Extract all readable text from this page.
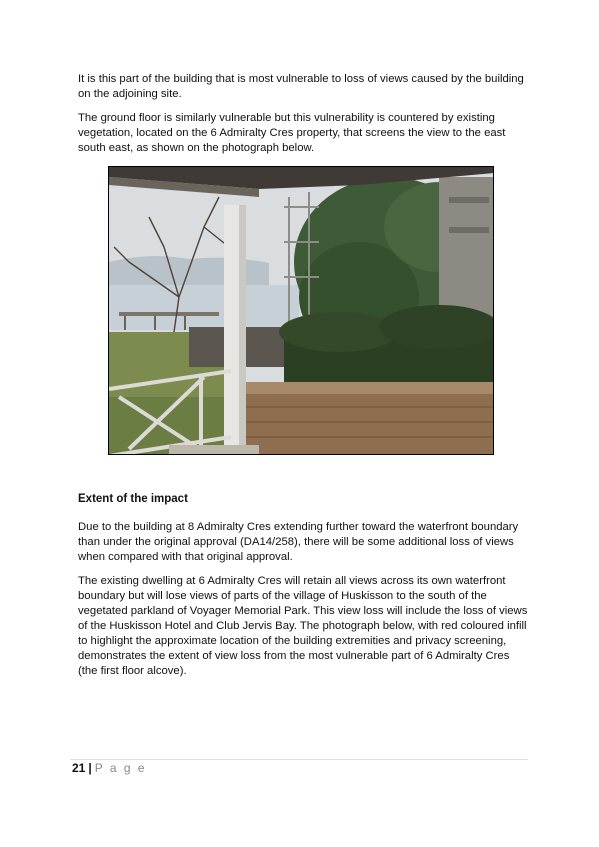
It is this part of the building that is most vulnerable to loss of views caused by the building on the adjoining site.

The ground floor is similarly vulnerable but this vulnerability is countered by existing vegetation, located on the 6 Admiralty Cres property, that screens the view to the east south east, as shown on the photograph below.

Extent of the impact

Due to the building at 8 Admiralty Cres extending further toward the waterfront boundary than under the original approval (DA14/258), there will be some additional loss of views when compared with that original approval.

The existing dwelling at 6 Admiralty Cres will retain all views across its own waterfront boundary but will lose views of parts of the village of Huskisson to the south of the vegetated parkland of Voyager Memorial Park. This view loss will include the loss of views of the Huskisson Hotel and Club Jervis Bay. The photograph below, with red coloured infill to highlight the approximate location of the building extremities and privacy screening, demonstrates the extent of view loss from the most vulnerable part of 6 Admiralty Cres (the first floor alcove).

21 | P a g e
